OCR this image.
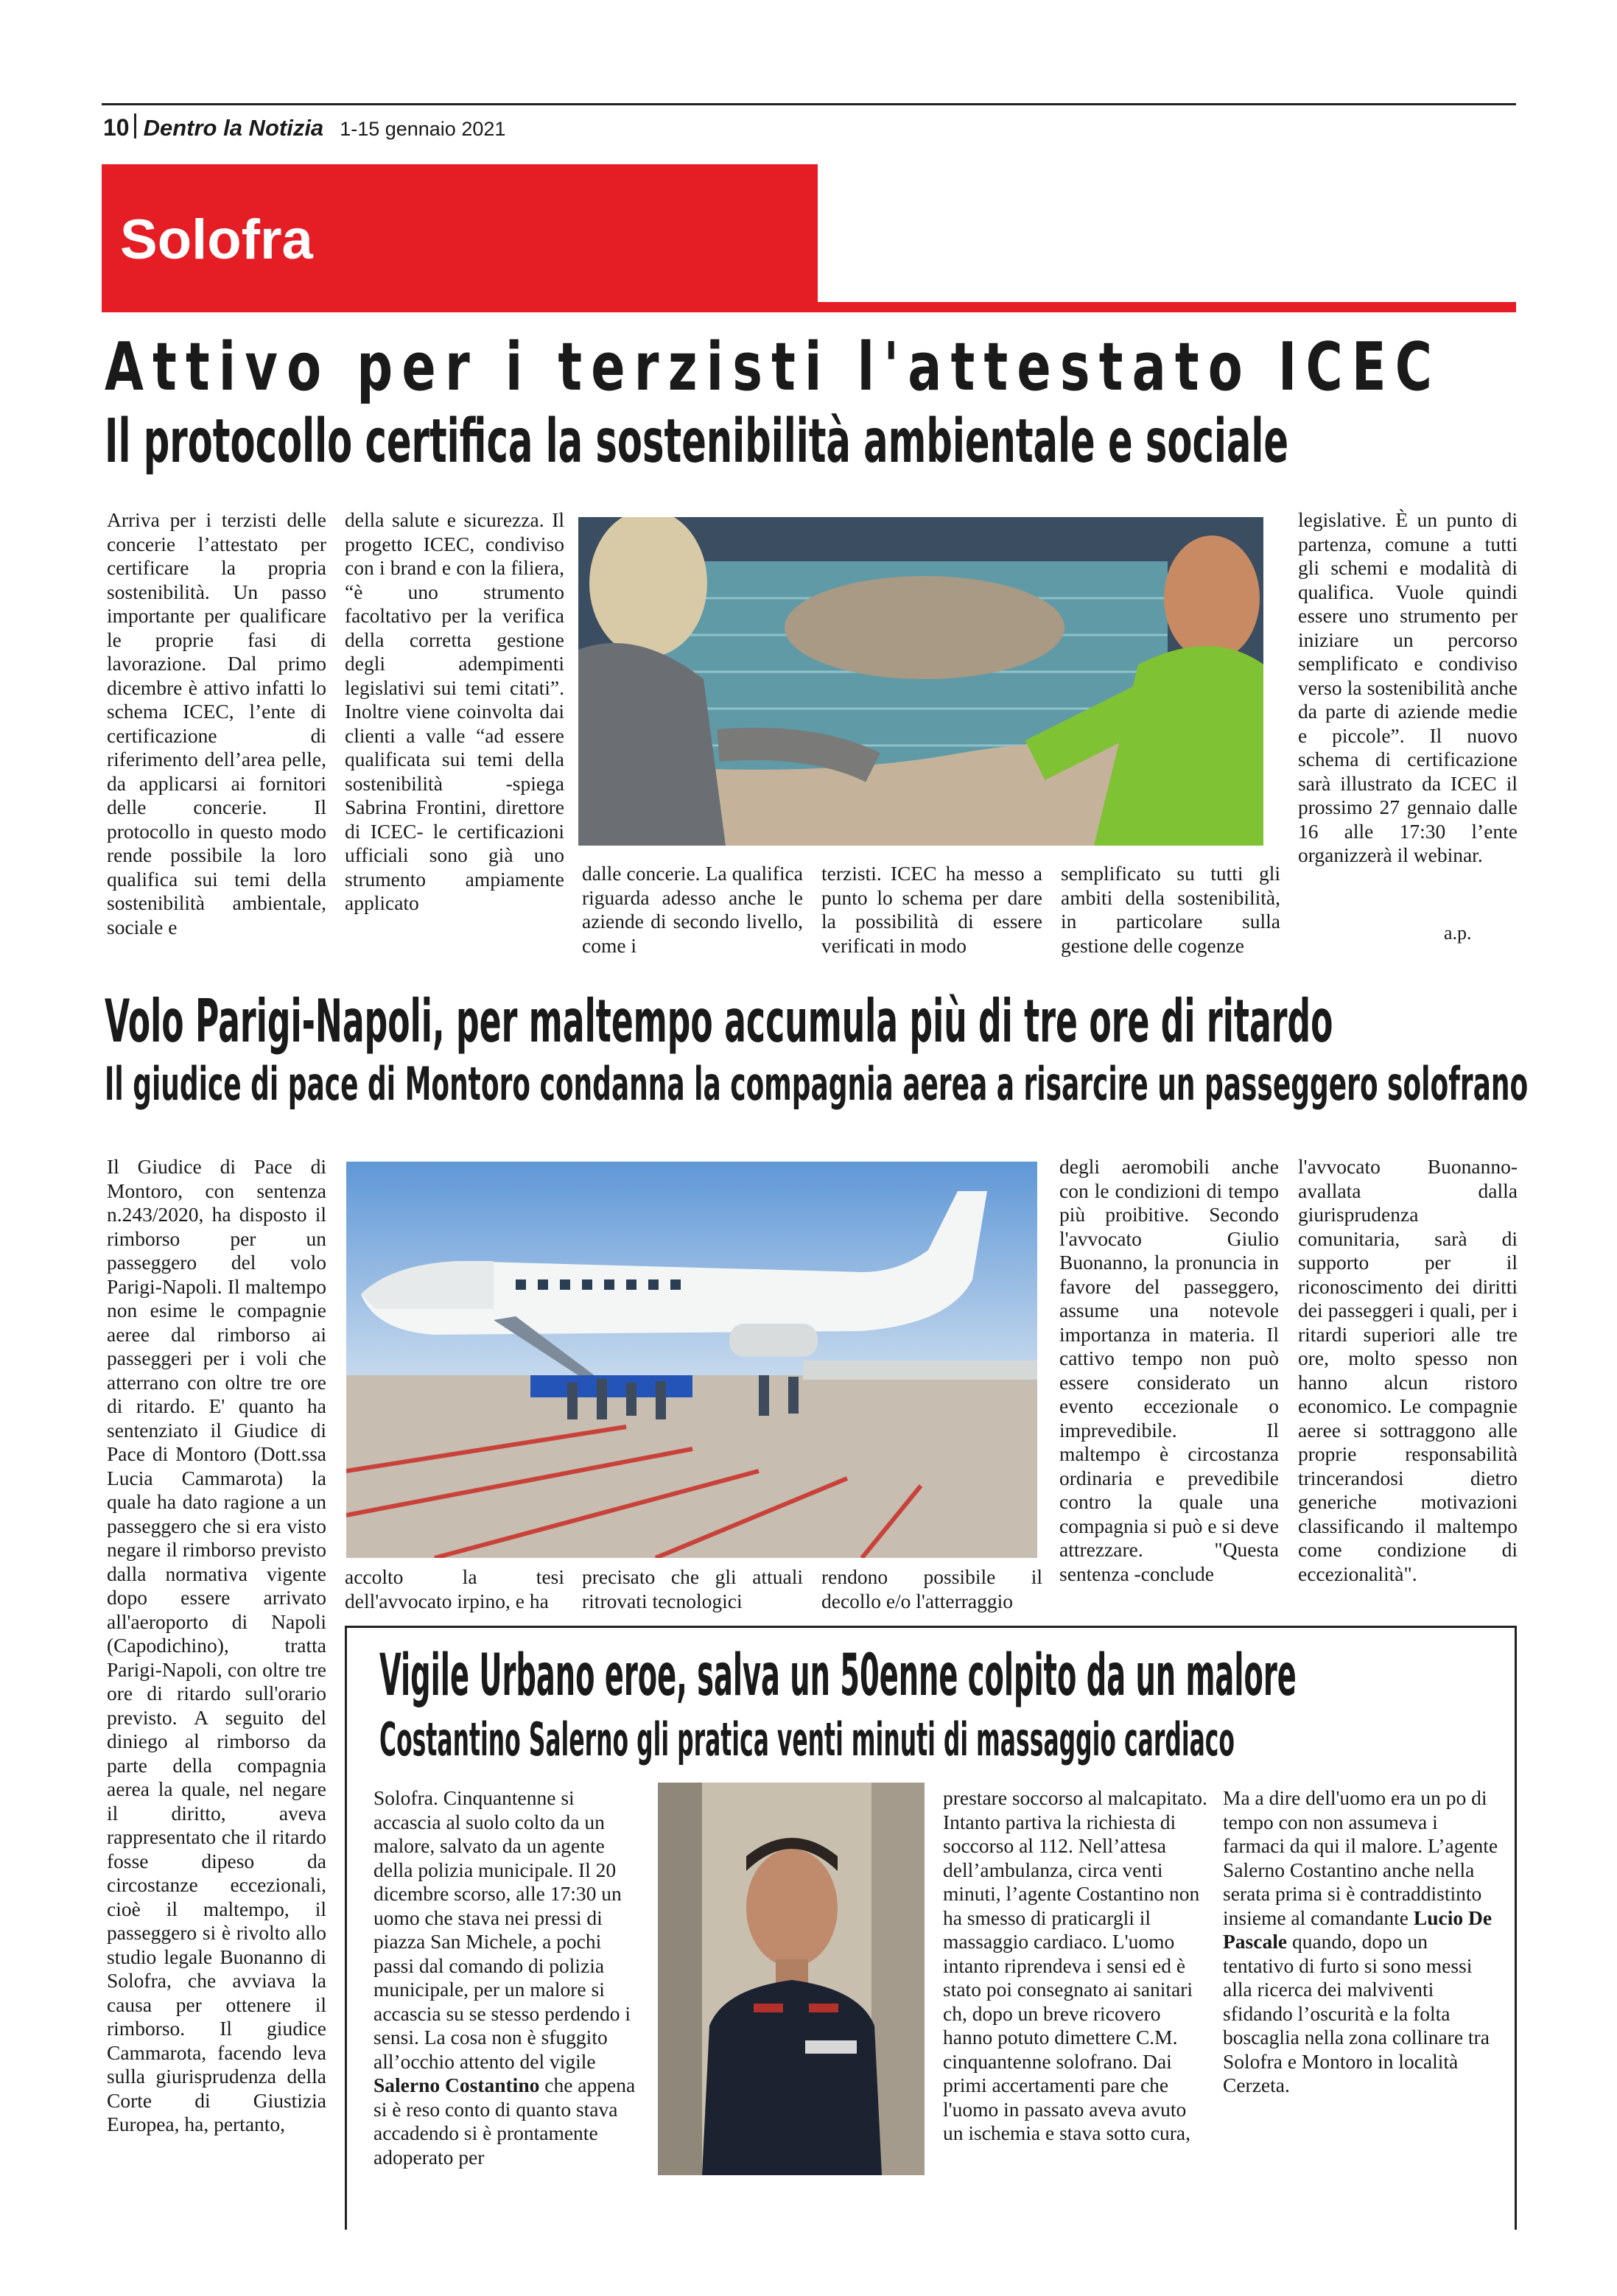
10 Dentro la Notizia 1-15 gennaio 2021
Solofra
Attivo per i terzisti l'attestato ICEC
Il protocollo certifica la sostenibilità ambientale e sociale

Arriva per i terzisti delle concerie l’attestato per certificare la propria sostenibilità. Un passo importante per qualificare le proprie fasi di lavorazione. Dal primo dicembre è attivo infatti lo schema ICEC, l’ente di certificazione di riferimento dell’area pelle, da applicarsi ai fornitori delle concerie. Il protocollo in questo modo rende possibile la loro qualifica sui temi della sostenibilità ambientale, sociale e

della salute e sicurezza. Il progetto ICEC, condiviso con i brand e con la filiera, “è uno strumento facoltativo per la verifica della corretta gestione degli adempimenti legislativi sui temi citati”. Inoltre viene coinvolta dai clienti a valle “ad essere qualificata sui temi della sostenibilità -spiega Sabrina Frontini, direttore di ICEC- le certificazioni ufficiali sono già uno strumento ampiamente applicato

dalle concerie. La qualifica riguarda adesso anche le aziende di secondo livello, come i

terzisti. ICEC ha messo a punto lo schema per dare la possibilità di essere verificati in modo

semplificato su tutti gli ambiti della sostenibilità, in particolare sulla gestione delle cogenze

legislative. È un punto di partenza, comune a tutti gli schemi e modalità di qualifica. Vuole quindi essere uno strumento per iniziare un percorso semplificato e condiviso verso la sostenibilità anche da parte di aziende medie e piccole”. Il nuovo schema di certificazione sarà illustrato da ICEC il prossimo 27 gennaio dalle 16 alle 17:30 l’ente organizzerà il webinar.

a.p.
Volo Parigi-Napoli, per maltempo accumula più di tre ore di ritardo
Il giudice di pace di Montoro condanna la compagnia aerea a risarcire un passeggero solofrano

Il Giudice di Pace di Montoro, con sentenza n.243/2020, ha disposto il rimborso per un passeggero del volo Parigi-Napoli. Il maltempo non esime le compagnie aeree dal rimborso ai passeggeri per i voli che atterrano con oltre tre ore di ritardo. E' quanto ha sentenziato il Giudice di Pace di Montoro (Dott.ssa Lucia Cammarota) la quale ha dato ragione a un passeggero che si era visto negare il rimborso previsto dalla normativa vigente dopo essere arrivato all'aeroporto di Napoli (Capodichino), tratta Parigi-Napoli, con oltre tre ore di ritardo sull'orario previsto. A seguito del diniego al rimborso da parte della compagnia aerea la quale, nel negare il diritto, aveva rappresentato che il ritardo fosse dipeso da circostanze eccezionali, cioè il maltempo, il passeggero si è rivolto allo studio legale Buonanno di Solofra, che avviava la causa per ottenere il rimborso. Il giudice Cammarota, facendo leva sulla giurisprudenza della Corte di Giustizia Europea, ha, pertanto,

accolto la tesi dell'avvocato irpino, e ha

precisato che gli attuali ritrovati tecnologici

rendono possibile il decollo e/o l'atterraggio

degli aeromobili anche con le condizioni di tempo più proibitive. Secondo l'avvocato Giulio Buonanno, la pronuncia in favore del passeggero, assume una notevole importanza in materia. Il cattivo tempo non può essere considerato un evento eccezionale o imprevedibile. Il maltempo è circostanza ordinaria e prevedibile contro la quale una compagnia si può e si deve attrezzare. "Questa sentenza -conclude

l'avvocato Buonanno- avallata dalla giurisprudenza comunitaria, sarà di supporto per il riconoscimento dei diritti dei passeggeri i quali, per i ritardi superiori alle tre ore, molto spesso non hanno alcun ristoro economico. Le compagnie aeree si sottraggono alle proprie responsabilità trincerandosi dietro generiche motivazioni classificando il maltempo come condizione di eccezionalità".

Vigile Urbano eroe, salva un 50enne colpito da un malore
Costantino Salerno gli pratica venti minuti di massaggio cardiaco

Solofra. Cinquantenne si accascia al suolo colto da un malore, salvato da un agente della polizia municipale. Il 20 dicembre scorso, alle 17:30 un uomo che stava nei pressi di piazza San Michele, a pochi passi dal comando di polizia municipale, per un malore si accascia su se stesso perdendo i sensi. La cosa non è sfuggito all’occhio attento del vigile Salerno Costantino che appena si è reso conto di quanto stava accadendo si è prontamente adoperato per

prestare soccorso al malcapitato. Intanto partiva la richiesta di soccorso al 112. Nell’attesa dell’ambulanza, circa venti minuti, l’agente Costantino non ha smesso di praticargli il massaggio cardiaco. L'uomo intanto riprendeva i sensi ed è stato poi consegnato ai sanitari ch, dopo un breve ricovero hanno potuto dimettere C.M. cinquantenne solofrano. Dai primi accertamenti pare che l'uomo in passato aveva avuto un ischemia e stava sotto cura,

Ma a dire dell'uomo era un po di tempo con non assumeva i farmaci da qui il malore. L’agente Salerno Costantino anche nella serata prima si è contraddistinto insieme al comandante Lucio De Pascale quando, dopo un tentativo di furto si sono messi alla ricerca dei malviventi sfidando l’oscurità e la folta boscaglia nella zona collinare tra Solofra e Montoro in località Cerzeta.
